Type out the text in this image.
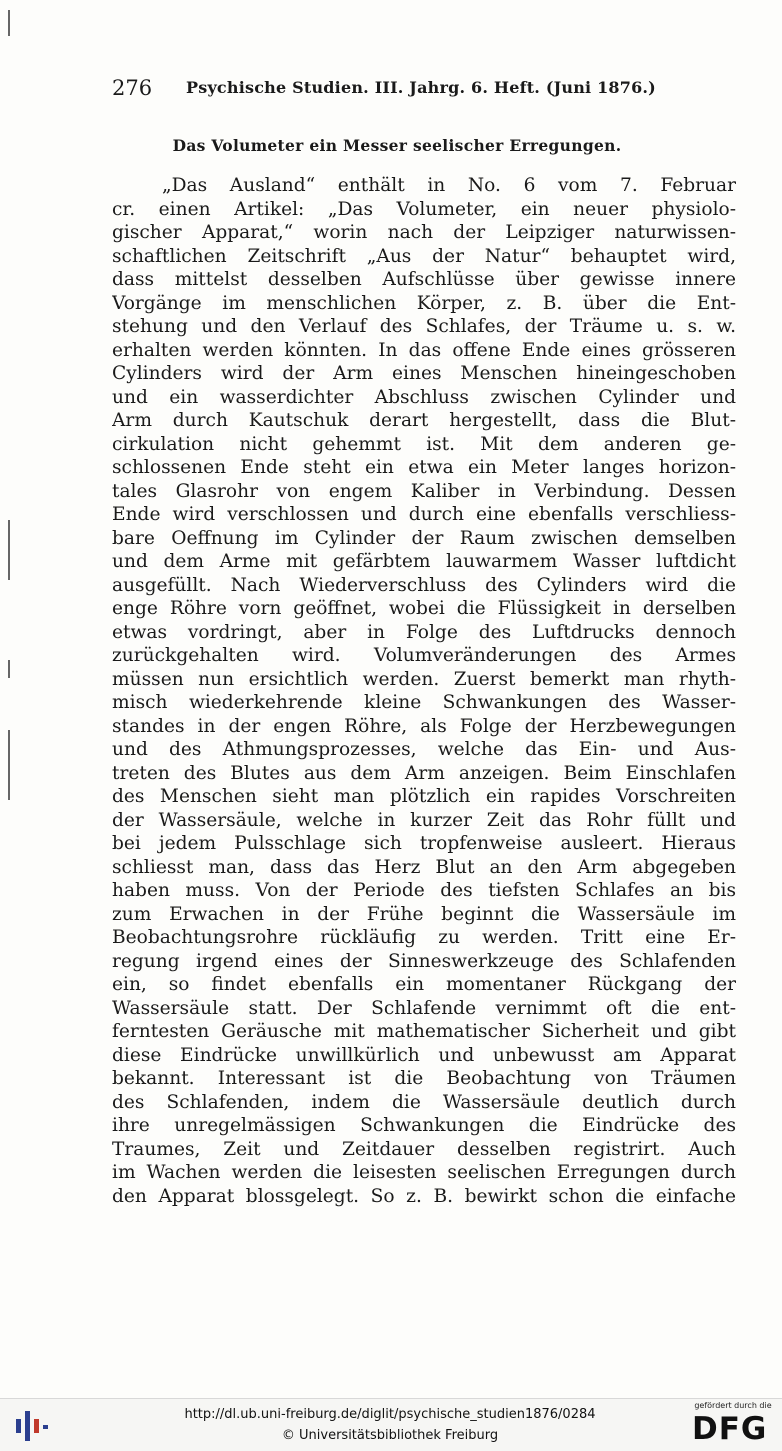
276 Psychische Studien. III. Jahrg. 6. Heft. (Juni 1876.)
Das Volumeter ein Messer seelischer Erregungen.
„Das Ausland“ enthält in No. 6 vom 7. Februar
cr. einen Artikel: „Das Volumeter, ein neuer physiolo-
gischer Apparat,“ worin nach der Leipziger naturwissen-
schaftlichen Zeitschrift „Aus der Natur“ behauptet wird,
dass mittelst desselben Aufschlüsse über gewisse innere
Vorgänge im menschlichen Körper, z. B. über die Ent-
stehung und den Verlauf des Schlafes, der Träume u. s. w.
erhalten werden könnten. In das offene Ende eines grösseren
Cylinders wird der Arm eines Menschen hineingeschoben
und ein wasserdichter Abschluss zwischen Cylinder und
Arm durch Kautschuk derart hergestellt, dass die Blut-
cirkulation nicht gehemmt ist. Mit dem anderen ge-
schlossenen Ende steht ein etwa ein Meter langes horizon-
tales Glasrohr von engem Kaliber in Verbindung. Dessen
Ende wird verschlossen und durch eine ebenfalls verschliess-
bare Oeffnung im Cylinder der Raum zwischen demselben
und dem Arme mit gefärbtem lauwarmem Wasser luftdicht
ausgefüllt. Nach Wiederverschluss des Cylinders wird die
enge Röhre vorn geöffnet, wobei die Flüssigkeit in derselben
etwas vordringt, aber in Folge des Luftdrucks dennoch
zurückgehalten wird. Volumveränderungen des Armes
müssen nun ersichtlich werden. Zuerst bemerkt man rhyth-
misch wiederkehrende kleine Schwankungen des Wasser-
standes in der engen Röhre, als Folge der Herzbewegungen
und des Athmungsprozesses, welche das Ein- und Aus-
treten des Blutes aus dem Arm anzeigen. Beim Einschlafen
des Menschen sieht man plötzlich ein rapides Vorschreiten
der Wassersäule, welche in kurzer Zeit das Rohr füllt und
bei jedem Pulsschlage sich tropfenweise ausleert. Hieraus
schliesst man, dass das Herz Blut an den Arm abgegeben
haben muss. Von der Periode des tiefsten Schlafes an bis
zum Erwachen in der Frühe beginnt die Wassersäule im
Beobachtungsrohre rückläufig zu werden. Tritt eine Er-
regung irgend eines der Sinneswerkzeuge des Schlafenden
ein, so findet ebenfalls ein momentaner Rückgang der
Wassersäule statt. Der Schlafende vernimmt oft die ent-
ferntesten Geräusche mit mathematischer Sicherheit und gibt
diese Eindrücke unwillkürlich und unbewusst am Apparat
bekannt. Interessant ist die Beobachtung von Träumen
des Schlafenden, indem die Wassersäule deutlich durch
ihre unregelmässigen Schwankungen die Eindrücke des
Traumes, Zeit und Zeitdauer desselben registrirt. Auch
im Wachen werden die leisesten seelischen Erregungen durch
den Apparat blossgelegt. So z. B. bewirkt schon die einfache
http://dl.ub.uni-freiburg.de/diglit/psychische_studien1876/0284
© Universitätsbibliothek Freiburg
gefördert durch die
DFG
